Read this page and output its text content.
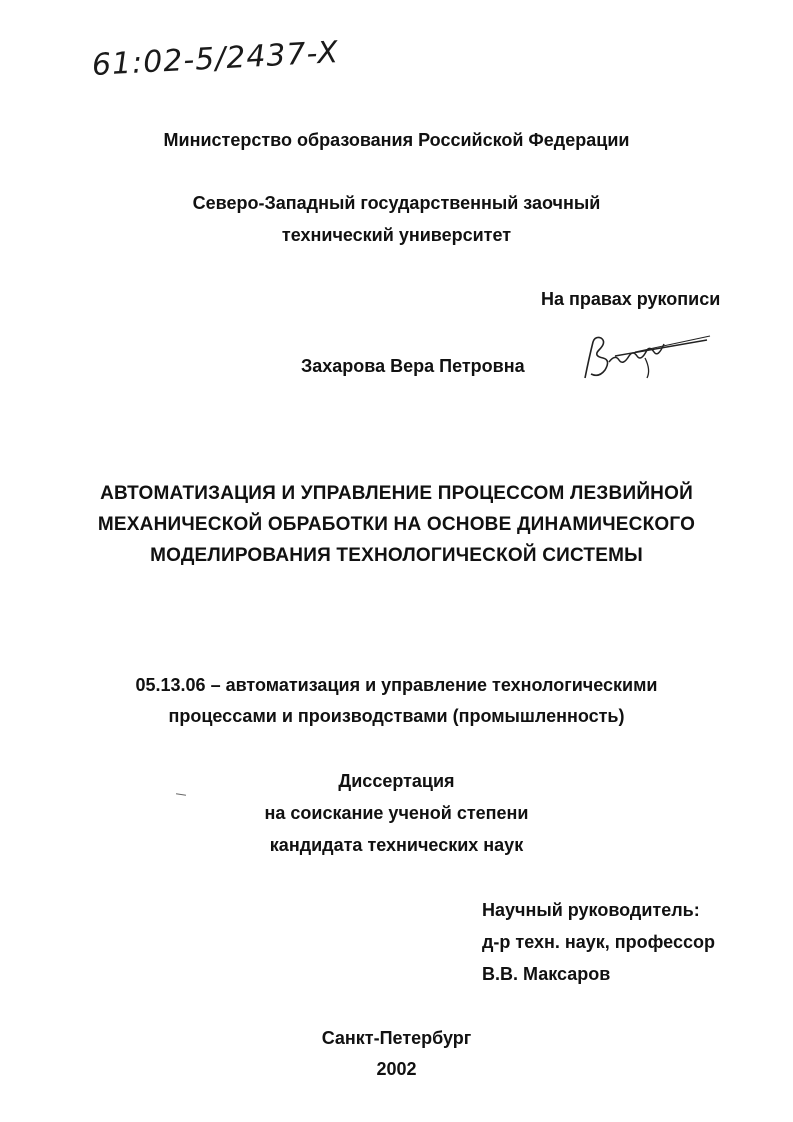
61:02-5/2437-X
Министерство образования Российской Федерации
Северо-Западный государственный заочный
технический университет
На правах рукописи
Захарова Вера Петровна
АВТОМАТИЗАЦИЯ И УПРАВЛЕНИЕ ПРОЦЕССОМ ЛЕЗВИЙНОЙ
МЕХАНИЧЕСКОЙ ОБРАБОТКИ НА ОСНОВЕ ДИНАМИЧЕСКОГО
МОДЕЛИРОВАНИЯ ТЕХНОЛОГИЧЕСКОЙ СИСТЕМЫ
05.13.06 – автоматизация и управление технологическими
процессами и производствами (промышленность)
Диссертация
на соискание ученой степени
кандидата технических наук
Научный руководитель:
д-р техн. наук, профессор
В.В. Максаров
Санкт-Петербург
2002
